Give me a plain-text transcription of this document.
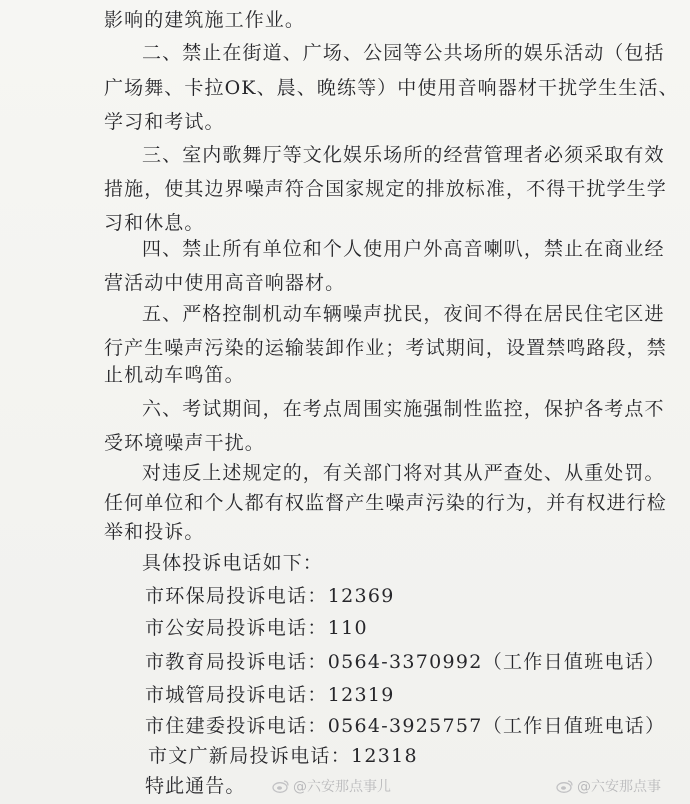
影响的建筑施工作业。
二、禁止在街道、广场、公园等公共场所的娱乐活动（包括
广场舞、卡拉OK、晨、晚练等）中使用音响器材干扰学生生活、
学习和考试。
三、室内歌舞厅等文化娱乐场所的经营管理者必须采取有效
措施，使其边界噪声符合国家规定的排放标准，不得干扰学生学
习和休息。
四、禁止所有单位和个人使用户外高音喇叭，禁止在商业经
营活动中使用高音响器材。
五、严格控制机动车辆噪声扰民，夜间不得在居民住宅区进
行产生噪声污染的运输装卸作业；考试期间，设置禁鸣路段，禁
止机动车鸣笛。
六、考试期间，在考点周围实施强制性监控，保护各考点不
受环境噪声干扰。
对违反上述规定的，有关部门将对其从严查处、从重处罚。
任何单位和个人都有权监督产生噪声污染的行为，并有权进行检
举和投诉。
具体投诉电话如下：
市环保局投诉电话：12369
市公安局投诉电话：110
市教育局投诉电话：0564-3370992（工作日值班电话）
市城管局投诉电话：12319
市住建委投诉电话：0564-3925757（工作日值班电话）
市文广新局投诉电话：12318
特此通告。	@六安那点事儿	@六安那点事
